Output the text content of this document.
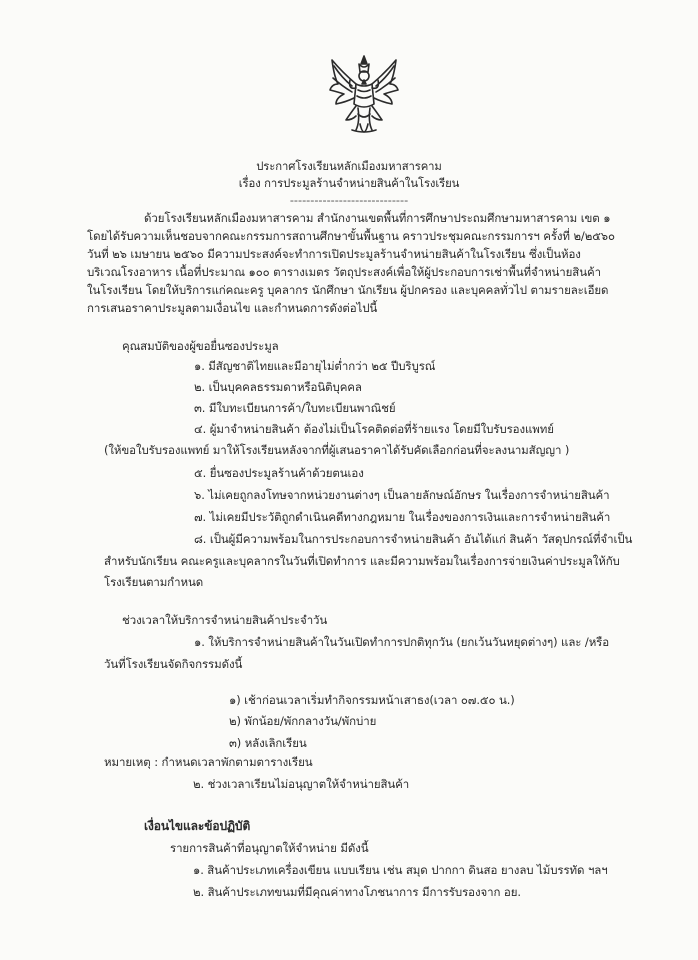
ประกาศโรงเรียนหลักเมืองมหาสารคาม
เรื่อง การประมูลร้านจำหน่ายสินค้าในโรงเรียน
-----------------------------
ด้วยโรงเรียนหลักเมืองมหาสารคาม สำนักงานเขตพื้นที่การศึกษาประถมศึกษามหาสารคาม เขต ๑
โดยได้รับความเห็นชอบจากคณะกรรมการสถานศึกษาขั้นพื้นฐาน คราวประชุมคณะกรรมการฯ ครั้งที่ ๒/๒๕๖๐
วันที่ ๒๖ เมษายน ๒๕๖๐ มีความประสงค์จะทำการเปิดประมูลร้านจำหน่ายสินค้าในโรงเรียน ซึ่งเป็นห้อง
บริเวณโรงอาหาร เนื้อที่ประมาณ ๑๐๐ ตารางเมตร วัตถุประสงค์เพื่อให้ผู้ประกอบการเช่าพื้นที่จำหน่ายสินค้า
ในโรงเรียน โดยให้บริการแก่คณะครู บุคลากร นักศึกษา นักเรียน ผู้ปกครอง และบุคคลทั่วไป ตามรายละเอียด
การเสนอราคาประมูลตามเงื่อนไข และกำหนดการดังต่อไปนี้
คุณสมบัติของผู้ขอยื่นซองประมูล
๑. มีสัญชาติไทยและมีอายุไม่ต่ำกว่า ๒๕ ปีบริบูรณ์
๒. เป็นบุคคลธรรมดาหรือนิติบุคคล
๓. มีใบทะเบียนการค้า/ใบทะเบียนพาณิชย์
๔. ผู้มาจำหน่ายสินค้า ต้องไม่เป็นโรคติดต่อที่ร้ายแรง โดยมีใบรับรองแพทย์
(ให้ขอใบรับรองแพทย์ มาให้โรงเรียนหลังจากที่ผู้เสนอราคาได้รับคัดเลือกก่อนที่จะลงนามสัญญา )
๕. ยื่นซองประมูลร้านค้าด้วยตนเอง
๖. ไม่เคยถูกลงโทษจากหน่วยงานต่างๆ เป็นลายลักษณ์อักษร ในเรื่องการจำหน่ายสินค้า
๗. ไม่เคยมีประวัติถูกดำเนินคดีทางกฎหมาย ในเรื่องของการเงินและการจำหน่ายสินค้า
๘. เป็นผู้มีความพร้อมในการประกอบการจำหน่ายสินค้า อันได้แก่ สินค้า วัสดุปกรณ์ที่จำเป็น
สำหรับนักเรียน คณะครูและบุคลากรในวันที่เปิดทำการ และมีความพร้อมในเรื่องการจ่ายเงินค่าประมูลให้กับ
โรงเรียนตามกำหนด
ช่วงเวลาให้บริการจำหน่ายสินค้าประจำวัน
๑. ให้บริการจำหน่ายสินค้าในวันเปิดทำการปกติทุกวัน (ยกเว้นวันหยุดต่างๆ) และ /หรือ
วันที่โรงเรียนจัดกิจกรรมดังนี้
๑) เช้าก่อนเวลาเริ่มทำกิจกรรมหน้าเสาธง(เวลา ๐๗.๕๐ น.)
๒) พักน้อย/พักกลางวัน/พักบ่าย
๓) หลังเลิกเรียน
หมายเหตุ : กำหนดเวลาพักตามตารางเรียน
๒. ช่วงเวลาเรียนไม่อนุญาตให้จำหน่ายสินค้า
เงื่อนไขและข้อปฏิบัติ
รายการสินค้าที่อนุญาตให้จำหน่าย มีดังนี้
๑. สินค้าประเภทเครื่องเขียน แบบเรียน เช่น สมุด ปากกา ดินสอ ยางลบ ไม้บรรทัด ฯลฯ
๒. สินค้าประเภทขนมที่มีคุณค่าทางโภชนาการ มีการรับรองจาก อย.
